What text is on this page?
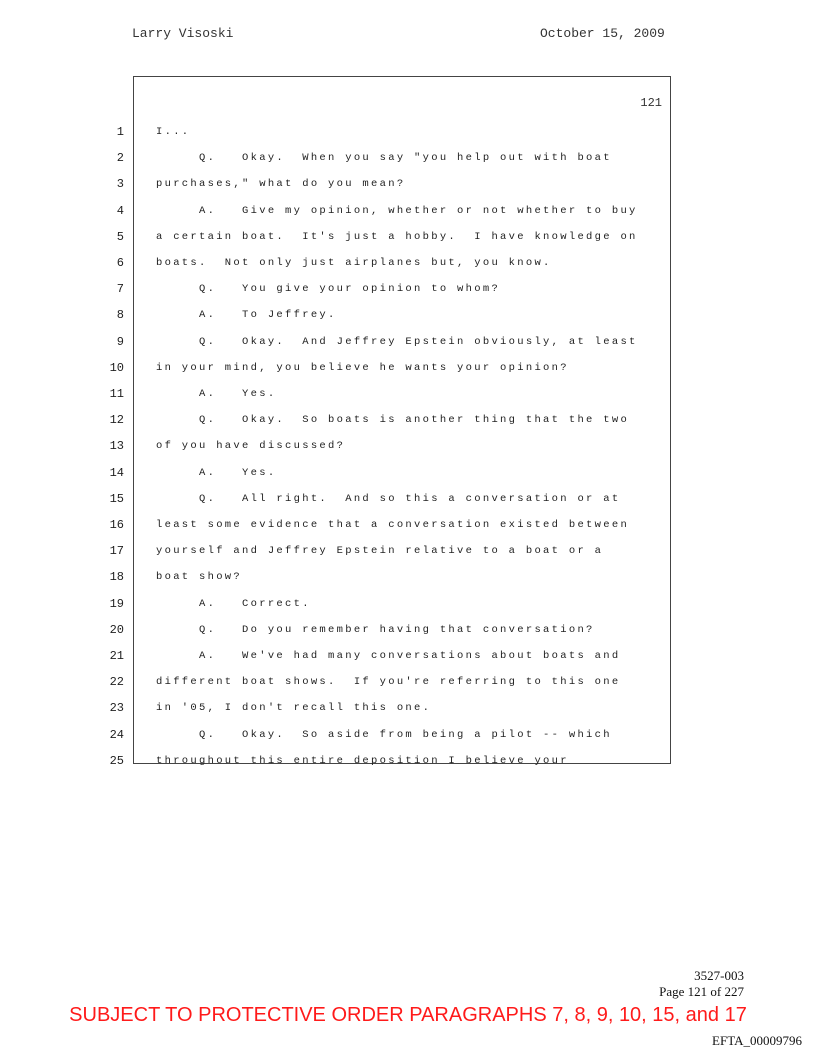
Larry Visoski	October 15, 2009
121
1	I...
2	Q.   Okay.  When you say "you help out with boat
3	purchases," what do you mean?
4	A.   Give my opinion, whether or not whether to buy
5	a certain boat.  It's just a hobby.  I have knowledge on
6	boats.  Not only just airplanes but, you know.
7	Q.   You give your opinion to whom?
8	A.   To Jeffrey.
9	Q.   Okay.  And Jeffrey Epstein obviously, at least
10	in your mind, you believe he wants your opinion?
11	A.   Yes.
12	Q.   Okay.  So boats is another thing that the two
13	of you have discussed?
14	A.   Yes.
15	Q.   All right.  And so this a conversation or at
16	least some evidence that a conversation existed between
17	yourself and Jeffrey Epstein relative to a boat or a
18	boat show?
19	A.   Correct.
20	Q.   Do you remember having that conversation?
21	A.   We've had many conversations about boats and
22	different boat shows.  If you're referring to this one
23	in '05, I don't recall this one.
24	Q.   Okay.  So aside from being a pilot -- which
25	throughout this entire deposition I believe your
3527-003
Page 121 of 227
SUBJECT TO PROTECTIVE ORDER PARAGRAPHS 7, 8, 9, 10, 15, and 17
EFTA_00009796
